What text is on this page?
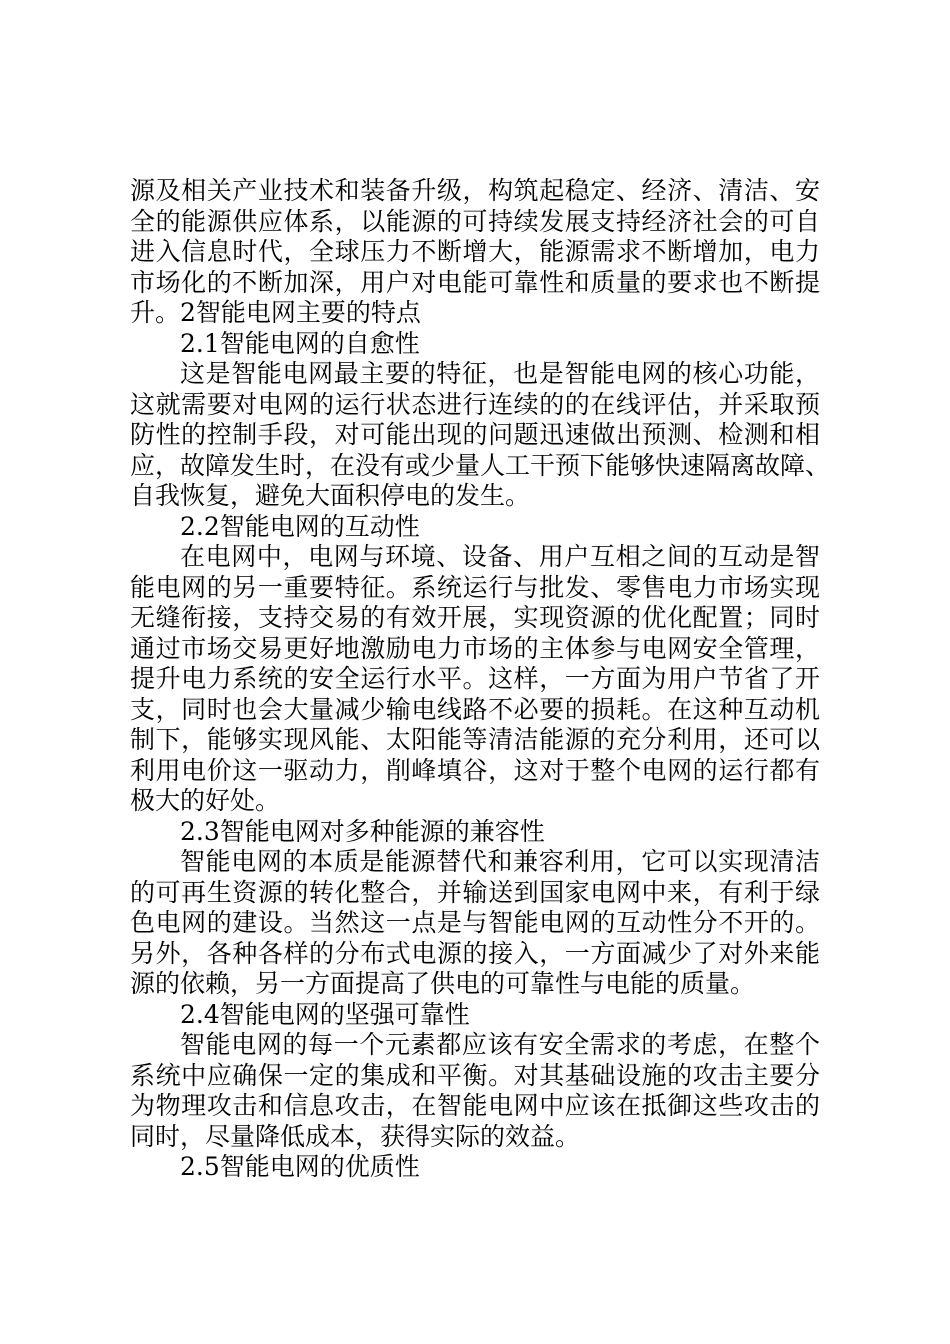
源及相关产业技术和装备升级，构筑起稳定、经济、清洁、安
全的能源供应体系，以能源的可持续发展支持经济社会的可自
进入信息时代，全球压力不断增大，能源需求不断增加，电力
市场化的不断加深，用户对电能可靠性和质量的要求也不断提
升。2智能电网主要的特点
2.1智能电网的自愈性
这是智能电网最主要的特征，也是智能电网的核心功能，
这就需要对电网的运行状态进行连续的的在线评估，并采取预
防性的控制手段，对可能出现的问题迅速做出预测、检测和相
应，故障发生时，在没有或少量人工干预下能够快速隔离故障、
自我恢复，避免大面积停电的发生。
2.2智能电网的互动性
在电网中，电网与环境、设备、用户互相之间的互动是智
能电网的另一重要特征。系统运行与批发、零售电力市场实现
无缝衔接，支持交易的有效开展，实现资源的优化配置；同时
通过市场交易更好地激励电力市场的主体参与电网安全管理，
提升电力系统的安全运行水平。这样，一方面为用户节省了开
支，同时也会大量减少输电线路不必要的损耗。在这种互动机
制下，能够实现风能、太阳能等清洁能源的充分利用，还可以
利用电价这一驱动力，削峰填谷，这对于整个电网的运行都有
极大的好处。
2.3智能电网对多种能源的兼容性
智能电网的本质是能源替代和兼容利用，它可以实现清洁
的可再生资源的转化整合，并输送到国家电网中来，有利于绿
色电网的建设。当然这一点是与智能电网的互动性分不开的。
另外，各种各样的分布式电源的接入，一方面减少了对外来能
源的依赖，另一方面提高了供电的可靠性与电能的质量。
2.4智能电网的坚强可靠性
智能电网的每一个元素都应该有安全需求的考虑，在整个
系统中应确保一定的集成和平衡。对其基础设施的攻击主要分
为物理攻击和信息攻击，在智能电网中应该在抵御这些攻击的
同时，尽量降低成本，获得实际的效益。
2.5智能电网的优质性
